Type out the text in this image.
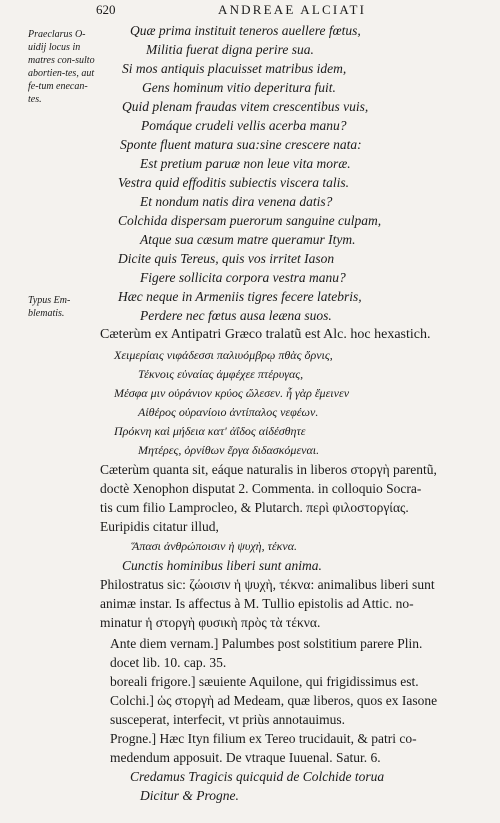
620	ANDREAE ALCIATI
Praeclarus O-uidij locus in matres con-sulto abortien-tes, aut fe-tum enecan-tes.
Typus Em-blematis.
Quæ prima instituit teneros auellere fœtus,
Militia fuerat digna perire sua.
Si mos antiquis placuisset matribus idem,
Gens hominum vitio deperitura fuit.
Quid plenam fraudas vitem crescentibus vuis,
Pomáque crudeli vellis acerba manu?
Sponte fluent matura sua:sine crescere nata:
Est pretium paruæ non leue vita moræ.
Vestra quid effoditis subiectis viscera talis.
Et nondum natis dira venena datis?
Colchida dispersam puerorum sanguine culpam,
Atque sua cæsum matre queramur Itym.
Dicite quis Tereus, quis vos irritet Iason
Figere sollicita corpora vestra manu?
Hæc neque in Armeniis tigres fecere latebris,
Perdere nec fœtus ausa leæna suos.
Cæterùm ex Antipatri Græco tralatũ est Alc. hoc hexastich.
Χειμερίαις νιφάδεσσι παλιυόμβρῳ πθὰς ὄρνις,
Τέκνοις εὐναίας ἀμφέχεε πτέρυγας,
Μέσφα μιν οὐράνιον κρύος ὤλεσεν. ἦ γὰρ ἔμεινεν
Αἰθέρος οὐρανίοιο ἀντίπαλος νεφέων.
Πρόκνη καὶ μήδεια κατ' ἀΐδος αἰδέσθητε
Μητέρες, ὀρνίθων ἔργα διδασκόμεναι.
Cæterùm quanta sit, eáque naturalis in liberos στοργὴ parentũ,
doctè Xenophon disputat 2. Commenta. in colloquio Socra-
tis cum filio Lamprocleo, & Plutarch. περὶ φιλοστοργίας.
Euripidis citatur illud,
Ἅπασι ἀνθρώποισιν ἡ ψυχὴ, τέκνα.
Cunctis hominibus liberi sunt anima.
Philostratus sic: ζώοισιν ἡ ψυχὴ, τέκνα: animalibus liberi sunt
animæ instar. Is affectus à M. Tullio epistolis ad Attic. no-
minatur ἡ στοργὴ φυσικὴ πρὸς τὰ τέκνα.
Ante diem vernam.] Palumbes post solstitium parere Plin.
docet lib. 10. cap. 35.
boreali frigore.] sæuiente Aquilone, qui frigidissimus est.
Colchi.] ὡς στοργὴ ad Medeam, quæ liberos, quos ex Iasone
susceperat, interfecit, vt priùs annotauimus.
Progne.] Hæc Ityn filium ex Tereo trucidauit, & patri co-
medendum apposuit. De vtraque Iuuenal. Satur. 6.
Credamus Tragicis quicquid de Colchide torua
Dicitur & Progne.
